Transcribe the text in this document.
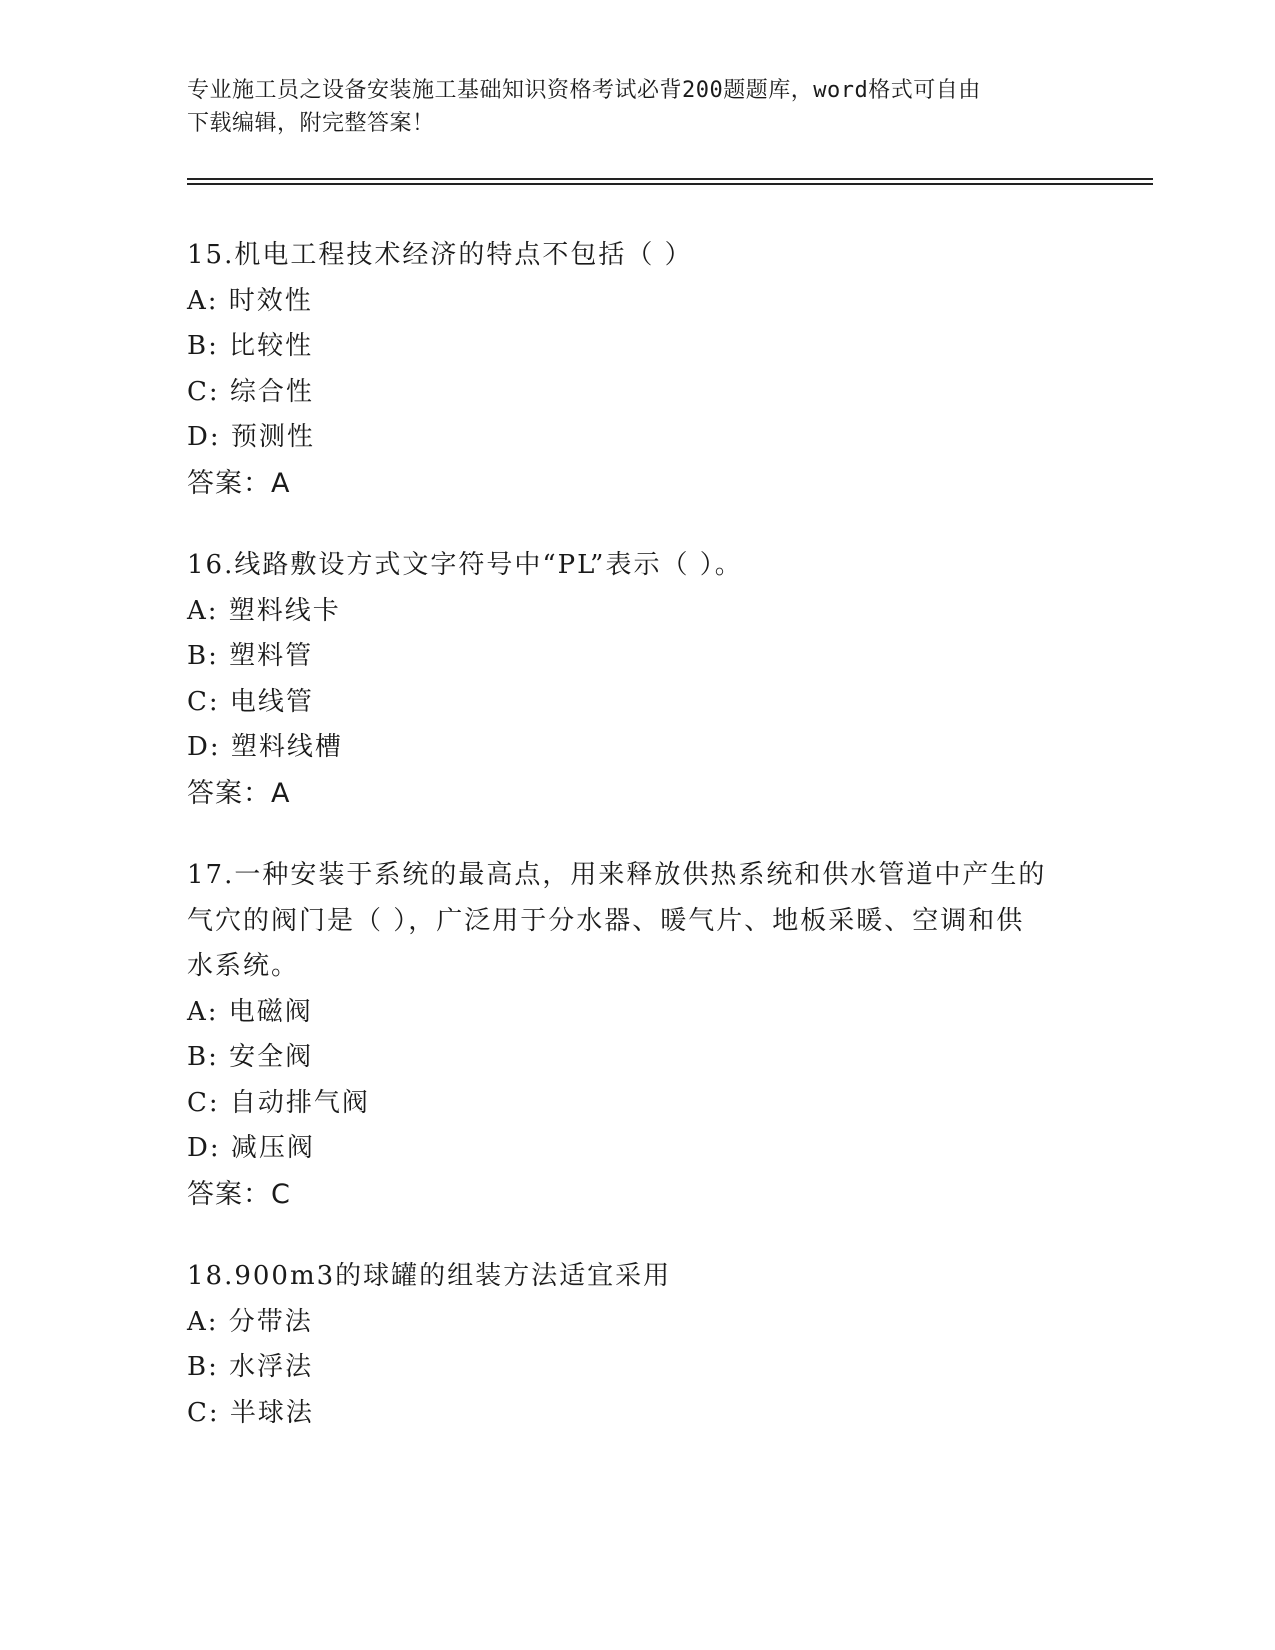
专业施工员之设备安装施工基础知识资格考试必背200题题库，word格式可自由
下载编辑，附完整答案！
15.机电工程技术经济的特点不包括（ ）
A: 时效性
B: 比较性
C: 综合性
D: 预测性
答案：A
16.线路敷设方式文字符号中“PL”表示（ ）。
A: 塑料线卡
B: 塑料管
C: 电线管
D: 塑料线槽
答案：A
17.一种安装于系统的最高点，用来释放供热系统和供水管道中产生的
气穴的阀门是（ ），广泛用于分水器、暖气片、地板采暖、空调和供
水系统。
A: 电磁阀
B: 安全阀
C: 自动排气阀
D: 减压阀
答案：C
18.900m3的球罐的组装方法适宜采用
A: 分带法
B: 水浮法
C: 半球法
